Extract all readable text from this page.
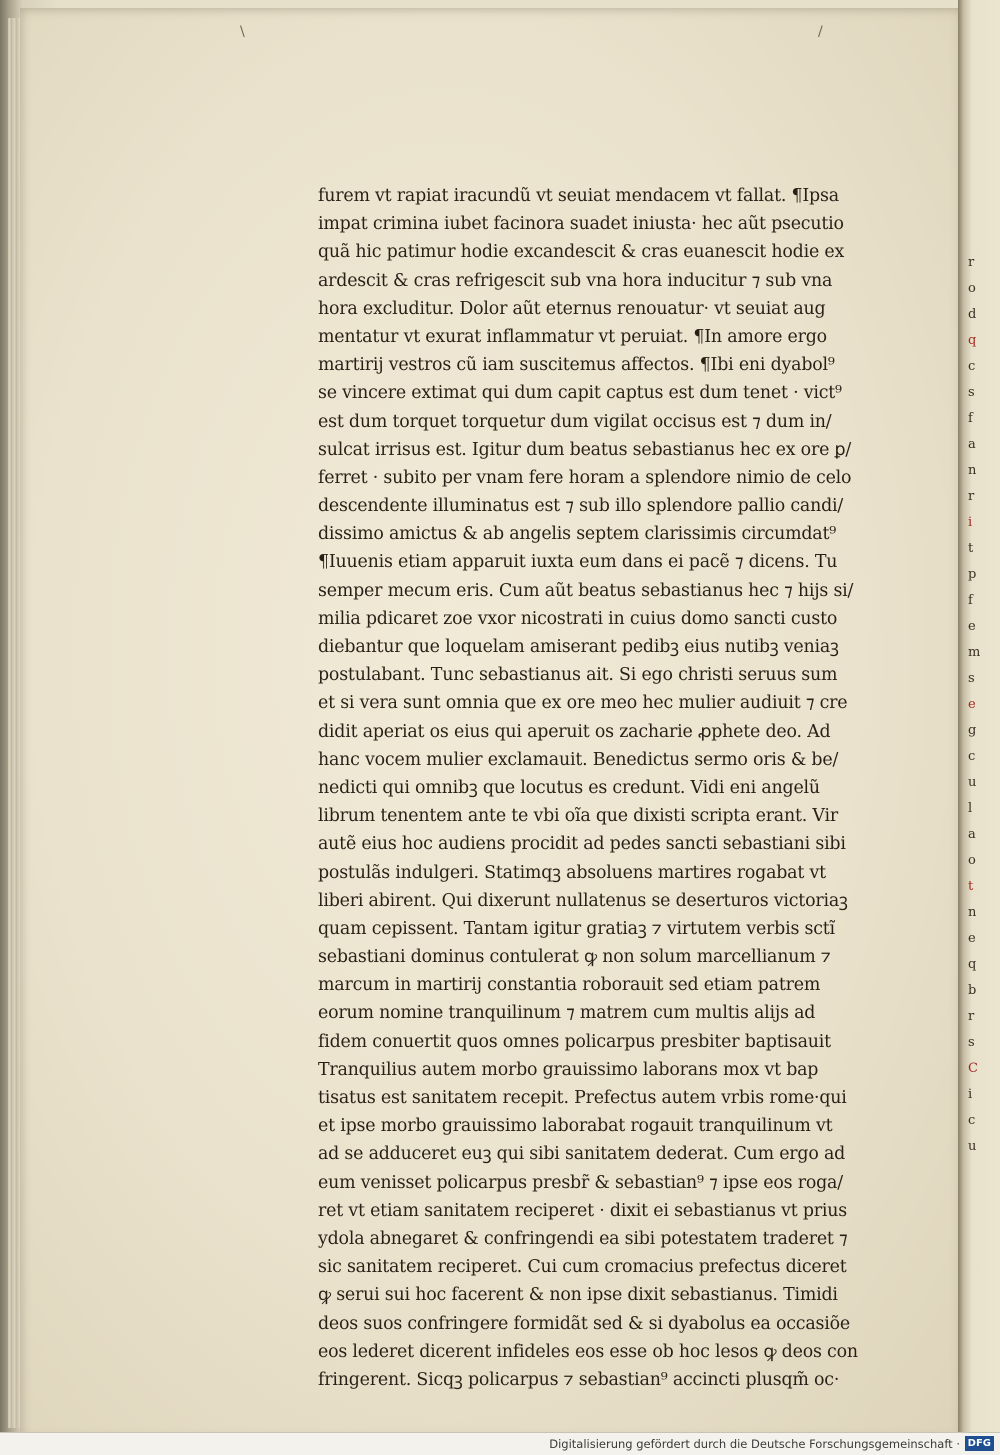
r
o
d
q
c
s
f
a
n
r
i
t
p
f
e
m
s
e
g
c
u
l
a
o
t
n
e
q
b
r
s
C
i
c
u
\	/
furem vt rapiat iracundũ vt seuiat mendacem vt fallat. ¶Ipsa
impat crimina iubet facinora suadet iniusta· hec aũt psecutio
quã hic patimur hodie excandescit & cras euanescit hodie ex
ardescit & cras refrigescit sub vna hora inducitur ⁊ sub vna
hora excluditur. Dolor aũt eternus renouatur· vt seuiat aug
mentatur vt exurat inflammatur vt peruiat. ¶In amore ergo
martirij vestros cũ iam suscitemus affectos. ¶Ibi eni dyabol⁹
se vincere extimat qui dum capit captus est dum tenet · vict⁹
est dum torquet torquetur dum vigilat occisus est ⁊ dum in/
sulcat irrisus est. Igitur dum beatus sebastianus hec ex ore ꝑ/
ferret · subito per vnam fere horam a splendore nimio de celo
descendente illuminatus est ⁊ sub illo splendore pallio candi/
dissimo amictus & ab angelis septem clarissimis circumdat⁹
¶Iuuenis etiam apparuit iuxta eum dans ei pacẽ ⁊ dicens. Tu
semper mecum eris. Cum aũt beatus sebastianus hec ⁊ hijs si/
milia pdicaret zoe vxor nicostrati in cuius domo sancti custo
diebantur que loquelam amiserant pedibꝫ eius nutibꝫ veniaꝫ
postulabant. Tunc sebastianus ait. Si ego christi seruus sum
et si vera sunt omnia que ex ore meo hec mulier audiuit ⁊ cre
didit aperiat os eius qui aperuit os zacharie ꝓphete deo. Ad
hanc vocem mulier exclamauit. Benedictus sermo oris & be/
nedicti qui omnibꝫ que locutus es credunt. Vidi eni angelũ
librum tenentem ante te vbi oĩa que dixisti scripta erant. Vir
autẽ eius hoc audiens procidit ad pedes sancti sebastiani sibi
postulãs indulgeri. Statimqꝫ absoluens martires rogabat vt
liberi abirent. Qui dixerunt nullatenus se deserturos victoriaꝫ
quam cepissent. Tantam igitur gratiaꝫ ⁊ virtutem verbis sctĩ
sebastiani dominus contulerat ꝙ non solum marcellianum ⁊
marcum in martirij constantia roborauit sed etiam patrem
eorum nomine tranquilinum ⁊ matrem cum multis alijs ad
fidem conuertit quos omnes policarpus presbiter baptisauit
Tranquilius autem morbo grauissimo laborans mox vt bap
tisatus est sanitatem recepit. Prefectus autem vrbis rome·qui
et ipse morbo grauissimo laborabat rogauit tranquilinum vt
ad se adduceret euꝫ qui sibi sanitatem dederat. Cum ergo ad
eum venisset policarpus presbr̃ & sebastian⁹ ⁊ ipse eos roga/
ret vt etiam sanitatem reciperet · dixit ei sebastianus vt prius
ydola abnegaret & confringendi ea sibi potestatem traderet ⁊
sic sanitatem reciperet. Cui cum cromacius prefectus diceret
ꝙ serui sui hoc facerent & non ipse dixit sebastianus. Timidi
deos suos confringere formidãt sed & si dyabolus ea occasiõe
eos lederet dicerent infideles eos esse ob hoc lesos ꝙ deos con
fringerent. Sicqꝫ policarpus ⁊ sebastian⁹ accincti plusqm̃ oc·
Digitalisierung gefördert durch die Deutsche Forschungsgemeinschaft · DFG
